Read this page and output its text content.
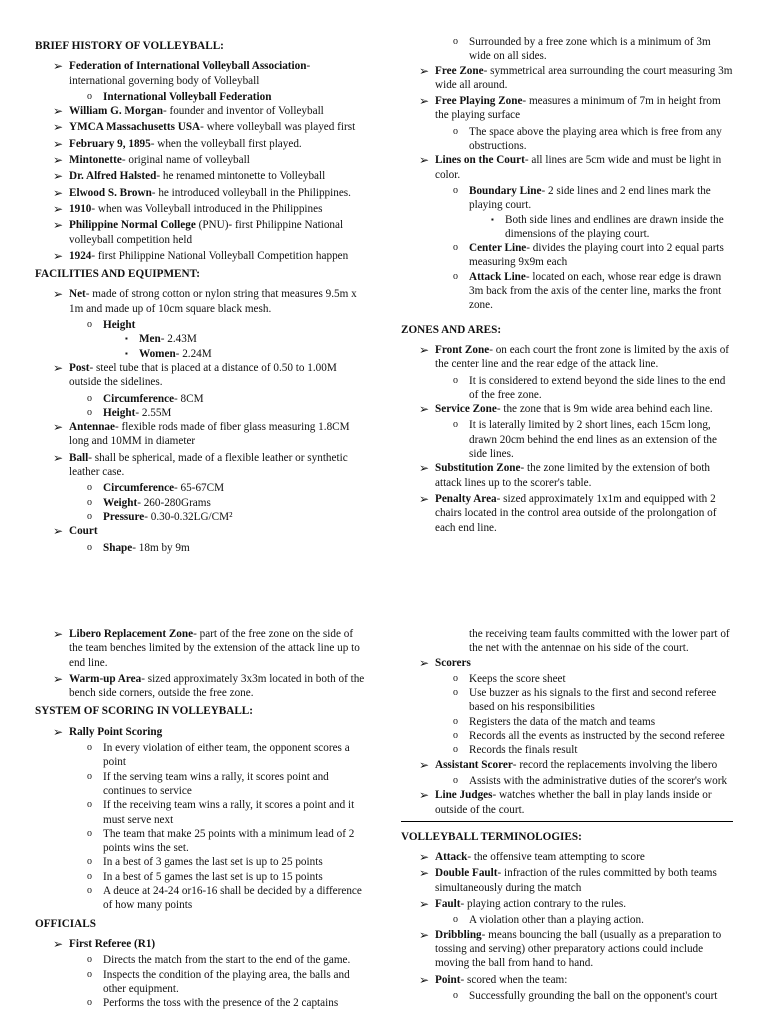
BRIEF HISTORY OF VOLLEYBALL:
➢ Federation of International Volleyball Association- international governing body of Volleyball
o International Volleyball Federation
➢ William G. Morgan- founder and inventor of Volleyball
➢ YMCA Massachusetts USA- where volleyball was played first
➢ February 9, 1895- when the volleyball first played.
➢ Mintonette- original name of volleyball
➢ Dr. Alfred Halsted- he renamed mintonette to Volleyball
➢ Elwood S. Brown- he introduced volleyball in the Philippines.
➢ 1910- when was Volleyball introduced in the Philippines
➢ Philippine Normal College (PNU)- first Philippine National volleyball competition held
➢ 1924- first Philippine National Volleyball Competition happen
FACILITIES AND EQUIPMENT:
➢ Net- made of strong cotton or nylon string that measures 9.5m x 1m and made up of 10cm square black mesh.
o Height
▪ Men- 2.43M
▪ Women- 2.24M
➢ Post- steel tube that is placed at a distance of 0.50 to 1.00M outside the sidelines.
o Circumference- 8CM
o Height- 2.55M
➢ Antennae- flexible rods made of fiber glass measuring 1.8CM long and 10MM in diameter
➢ Ball- shall be spherical, made of a flexible leather or synthetic leather case.
o Circumference- 65-67CM
o Weight- 260-280Grams
o Pressure- 0.30-0.32LG/CM²
➢ Court
o Shape- 18m by 9m
o Surrounded by a free zone which is a minimum of 3m wide on all sides.
➢ Free Zone- symmetrical area surrounding the court measuring 3m wide all around.
➢ Free Playing Zone- measures a minimum of 7m in height from the playing surface
o The space above the playing area which is free from any obstructions.
➢ Lines on the Court- all lines are 5cm wide and must be light in color.
o Boundary Line- 2 side lines and 2 end lines mark the playing court.
▪ Both side lines and endlines are drawn inside the dimensions of the playing court.
o Center Line- divides the playing court into 2 equal parts measuring 9x9m each
o Attack Line- located on each, whose rear edge is drawn 3m back from the axis of the center line, marks the front zone.
ZONES AND ARES:
➢ Front Zone- on each court the front zone is limited by the axis of the center line and the rear edge of the attack line.
o It is considered to extend beyond the side lines to the end of the free zone.
➢ Service Zone- the zone that is 9m wide area behind each line.
o It is laterally limited by 2 short lines, each 15cm long, drawn 20cm behind the end lines as an extension of the side lines.
➢ Substitution Zone- the zone limited by the extension of both attack lines up to the scorer's table.
➢ Penalty Area- sized approximately 1x1m and equipped with 2 chairs located in the control area outside of the prolongation of each end line.
➢ Libero Replacement Zone- part of the free zone on the side of the team benches limited by the extension of the attack line up to end line.
➢ Warm-up Area- sized approximately 3x3m located in both of the bench side corners, outside the free zone.
SYSTEM OF SCORING IN VOLLEYBALL:
➢ Rally Point Scoring
o In every violation of either team, the opponent scores a point
o If the serving team wins a rally, it scores point and continues to service
o If the receiving team wins a rally, it scores a point and it must serve next
o The team that make 25 points with a minimum lead of 2 points wins the set.
o In a best of 3 games the last set is up to 25 points
o In a best of 5 games the last set is up to 15 points
o A deuce at 24-24 or16-16 shall be decided by a difference of how many points
OFFICIALS
➢ First Referee (R1)
o Directs the match from the start to the end of the game.
o Inspects the condition of the playing area, the balls and other equipment.
o Performs the toss with the presence of the 2 captains
the receiving team faults committed with the lower part of the net with the antennae on his side of the court.
➢ Scorers
o Keeps the score sheet
o Use buzzer as his signals to the first and second referee based on his responsibilities
o Registers the data of the match and teams
o Records all the events as instructed by the second referee
o Records the finals result
➢ Assistant Scorer- record the replacements involving the libero
o Assists with the administrative duties of the scorer's work
➢ Line Judges- watches whether the ball in play lands inside or outside of the court.
VOLLEYBALL TERMINOLOGIES:
➢ Attack- the offensive team attempting to score
➢ Double Fault- infraction of the rules committed by both teams simultaneously during the match
➢ Fault- playing action contrary to the rules.
o A violation other than a playing action.
➢ Dribbling- means bouncing the ball (usually as a preparation to tossing and serving) other preparatory actions could include moving the ball from hand to hand.
➢ Point- scored when the team:
o Successfully grounding the ball on the opponent's court
